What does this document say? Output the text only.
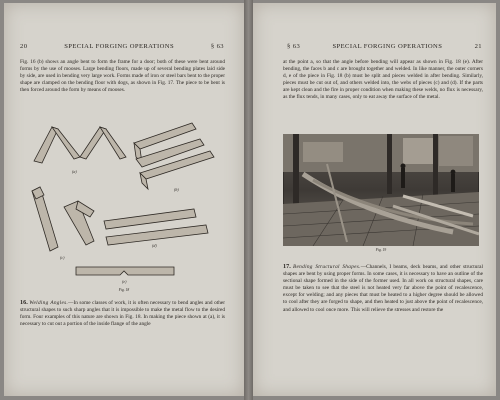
20	SPECIAL FORGING OPERATIONS	§ 63
Fig. 16 (b) shows an angle bent to form the frame for a door; both of these were bent around forms by the use of mooses. Large bending floors, made up of several bending plates laid side by side, are used in bending very large work. Forms made of iron or steel bars bent to the proper shape are clamped on the bending floor with dogs, as shown in Fig. 17. The piece to be bent is then forced around the form by means of mooses.
(a)
(b)
(c)
(d)
(e)
Fig. 18
16. Welding Angles.—In some classes of work, it is often necessary to bend angles and other structural shapes to such sharp angles that it is impossible to make the metal flow to the desired form. Four examples of this nature are shown in Fig. 18. In making the piece shown at (a), it is necessary to cut out a portion of the inside flange of the angle
§ 63	SPECIAL FORGING OPERATIONS	21
at the point a, so that the angle before bending will appear as shown in Fig. 18 (e). After bending, the faces b and c are brought together and welded. In like manner, the outer corners d, e of the piece in Fig. 18 (b) must be split and pieces welded in after bending. Similarly, pieces must be cut out of, and others welded into, the webs of pieces (c) and (d). If the parts are kept clean and the fire in proper condition when making these welds, no flux is necessary, as the flux tends, in many cases, only to eat away the surface of the metal.
Fig. 19
17. Bending Structural Shapes.—Channels, I beams, deck beams, and other structural shapes are bent by using proper forms. In some cases, it is necessary to have an outline of the sectional shape formed in the side of the former used. In all work on structural shapes, care must be taken to see that the steel is not heated very far above the point of recalescence, except for welding; and any pieces that must be heated to a higher degree should be allowed to cool after they are forged to shape, and then heated to just above the point of recalescence, and allowed to cool once more. This will relieve the stresses and restore the
